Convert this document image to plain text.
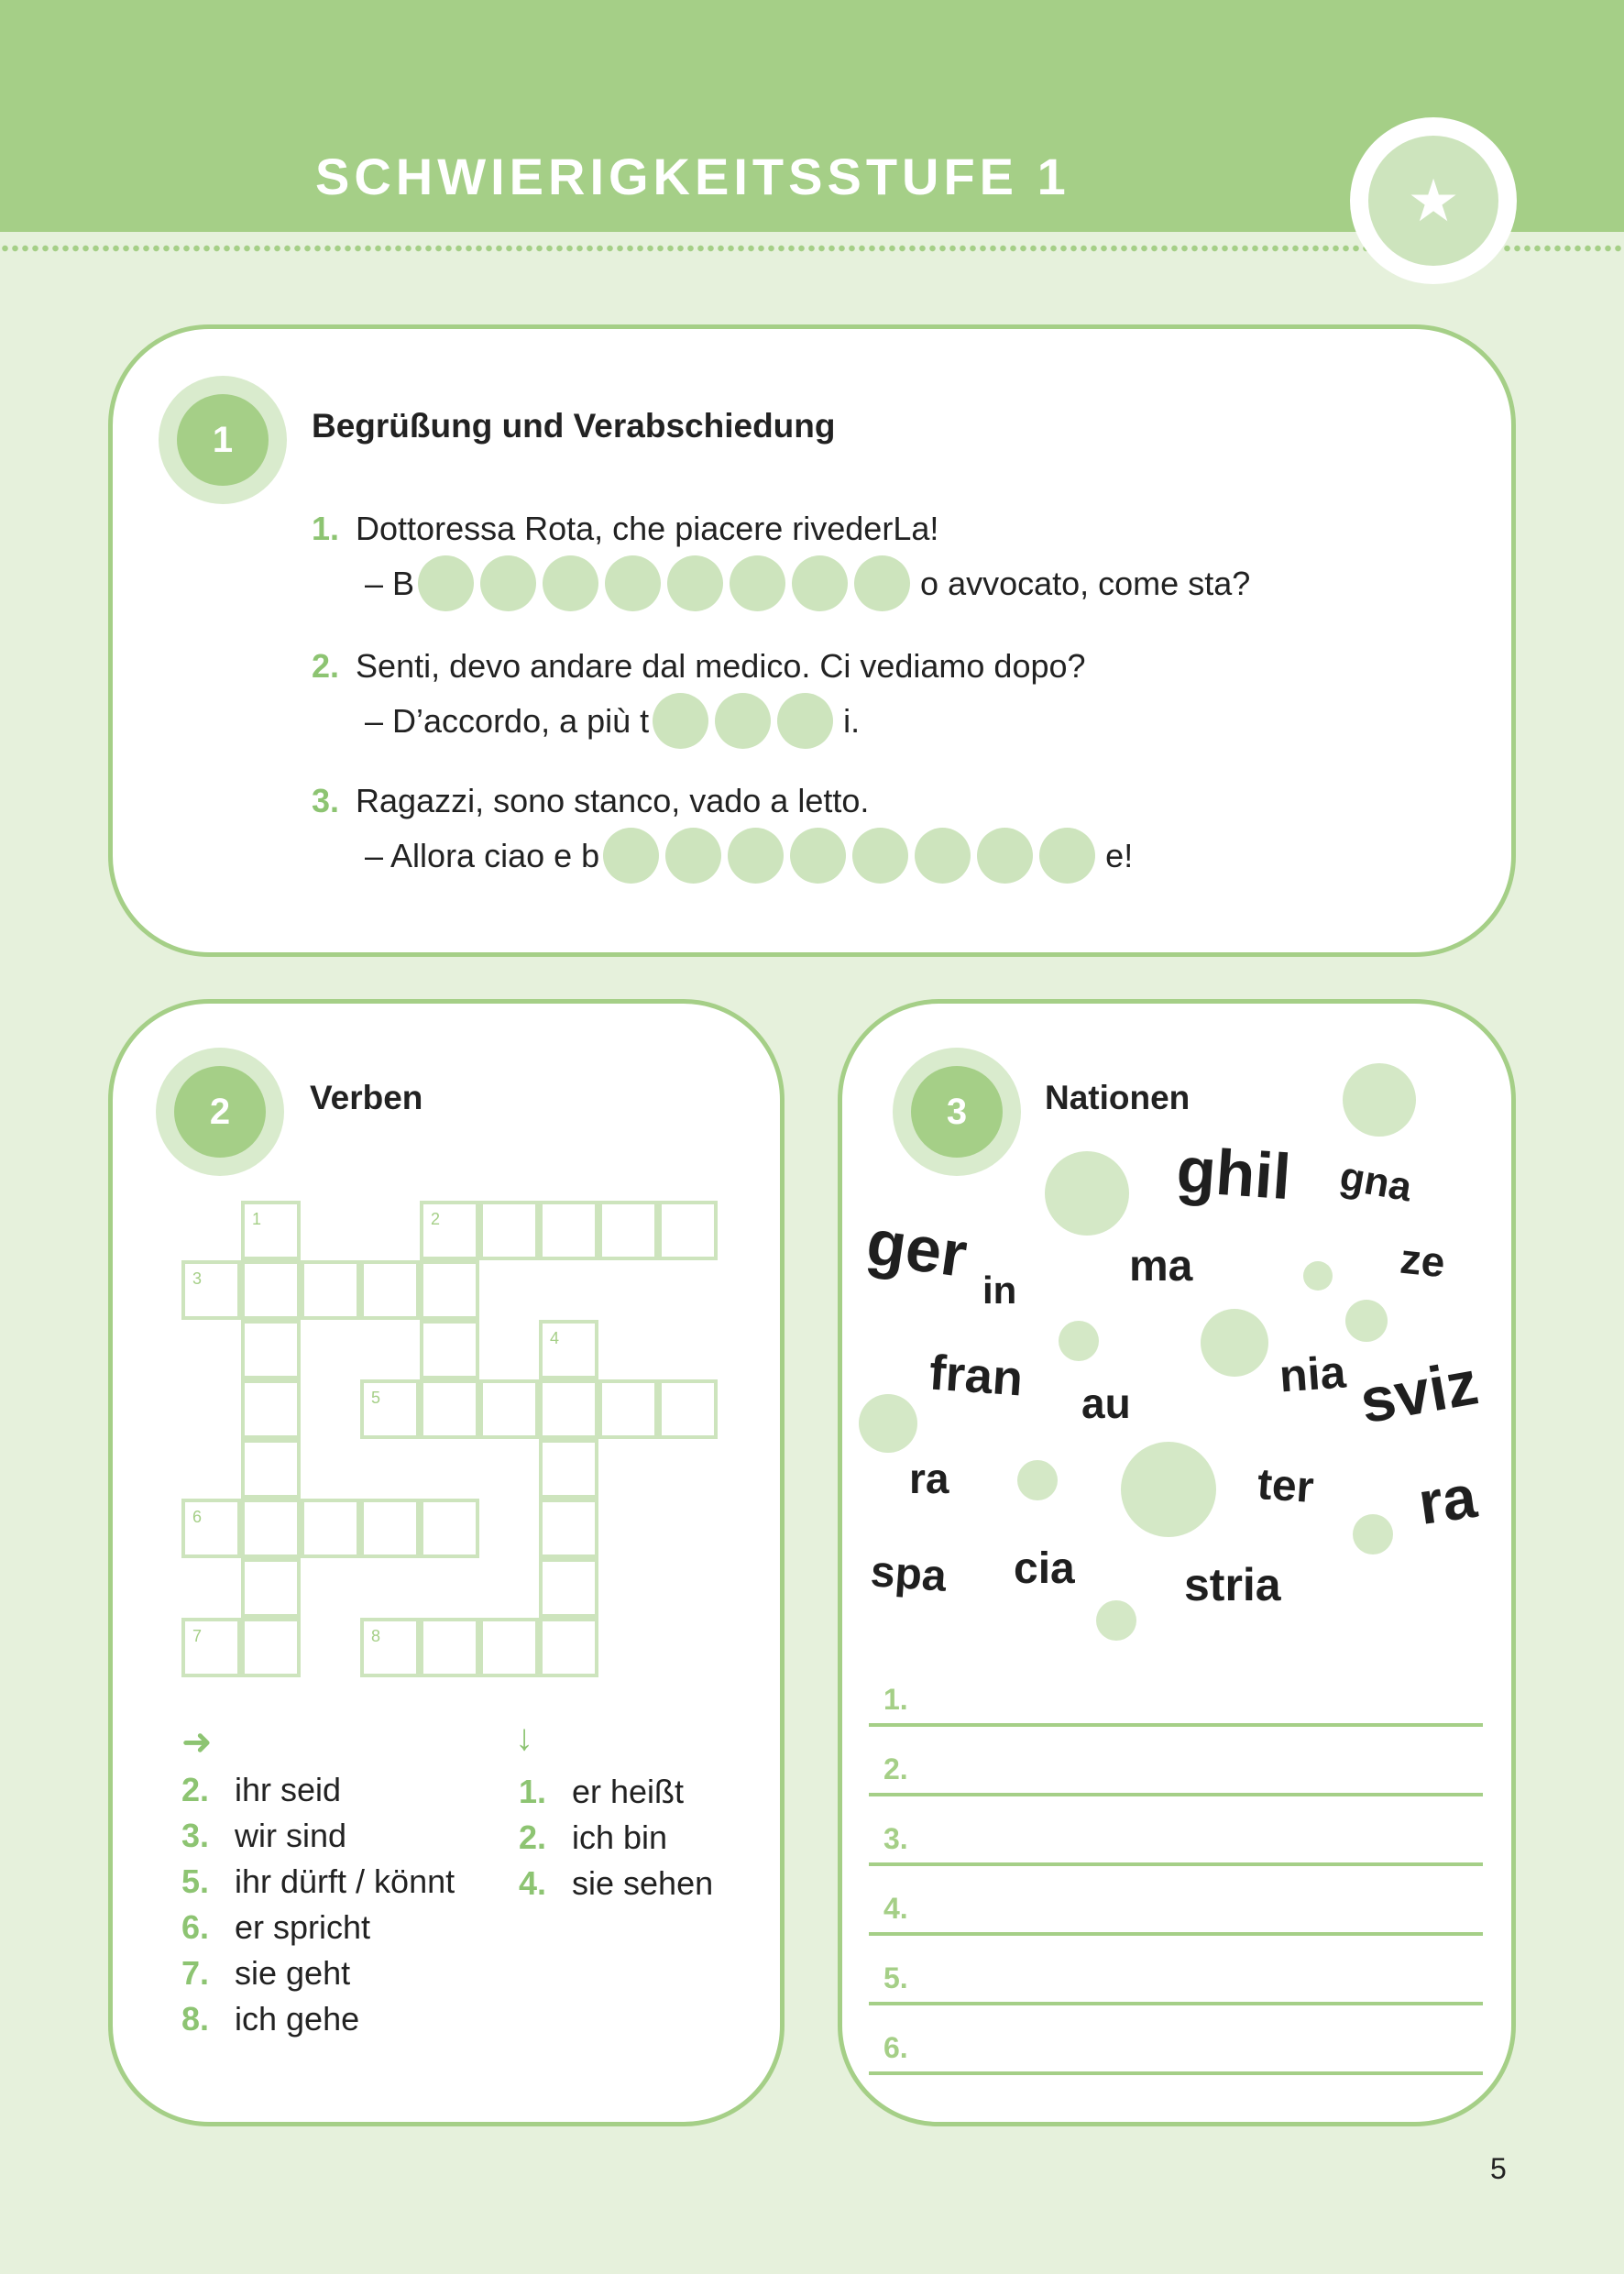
SCHWIERIGKEITSSTUFE 1	★
1	Begrüßung und Verabschiedung
1. Dottoressa Rota, che piacere rivederLa!
– B	o avvocato, come sta?
2. Senti, devo andare dal medico. Ci vediamo dopo?
– D’accordo, a più t	i.
3. Ragazzi, sono stanco, vado a letto.
– Allora ciao e b	e!
2	Verben
1	2
3
4
5
6
7	8
➜	↓
2. ihr seid
3. wir sind
5. ihr dürft / könnt
6. er spricht
7. sie geht
8. ich gehe
1. er heißt
2. ich bin
4. sie sehen
3	Nationen
ghil gna
ger in	ma	ze
fran au
nia sviz
ra	ter ra
spa cia stria
1.
2.
3.
4.
5.
6.
5
